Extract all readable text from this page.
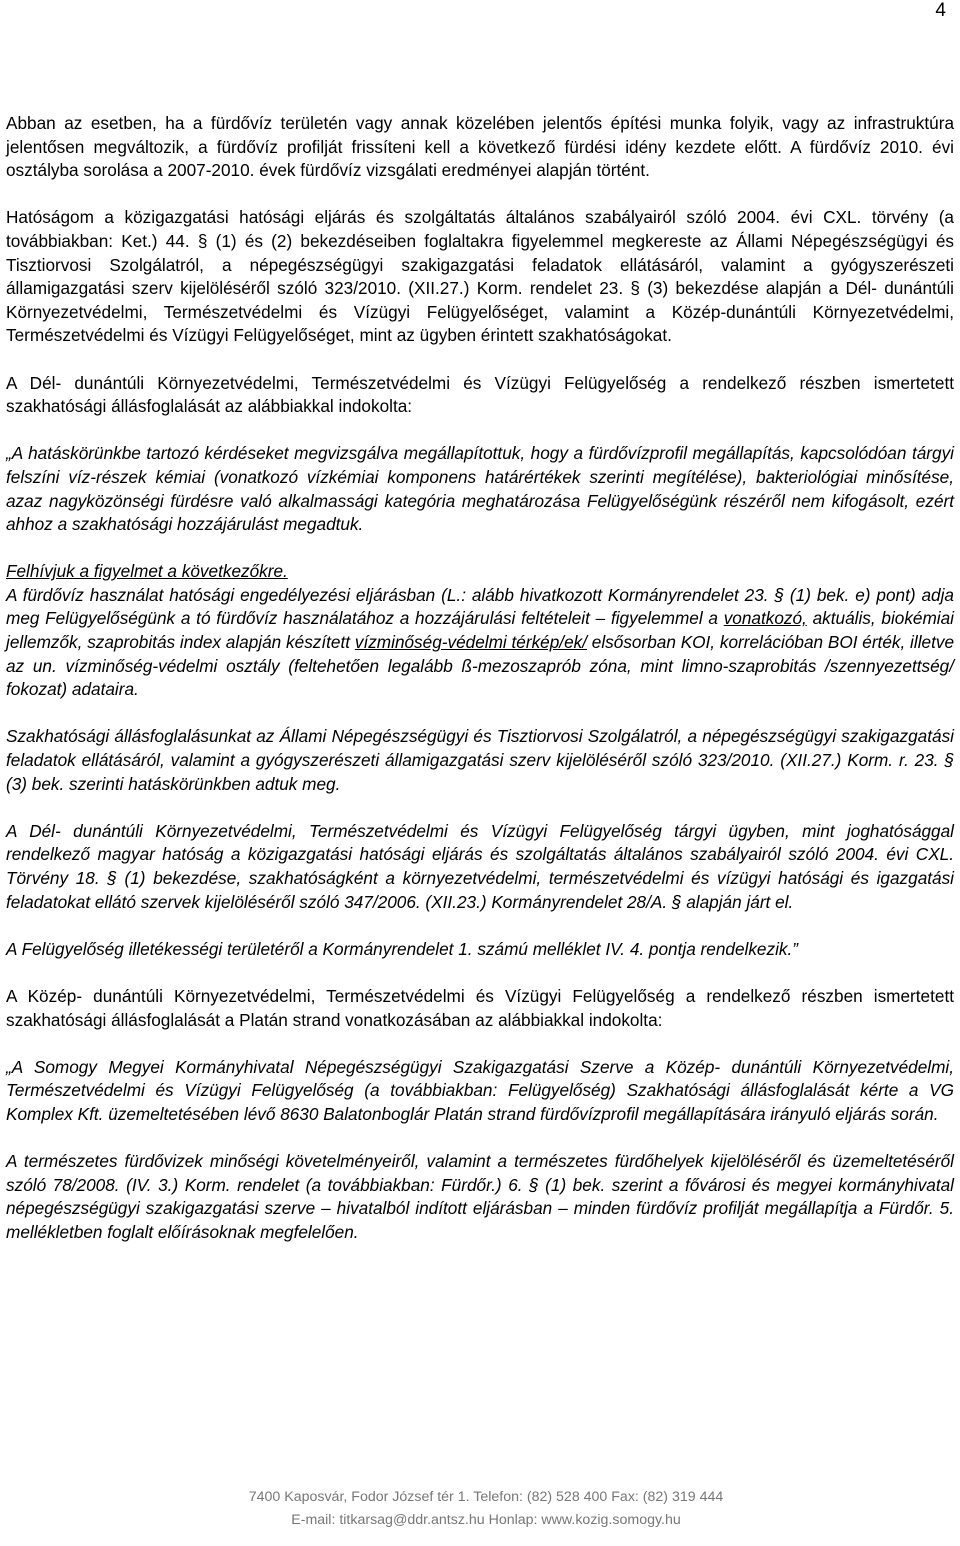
4

Abban az esetben, ha a fürdővíz területén vagy annak közelében jelentős építési munka folyik, vagy az infrastruktúra jelentősen megváltozik, a fürdővíz profilját frissíteni kell a következő fürdési idény kezdete előtt. A fürdővíz 2010. évi osztályba sorolása a 2007-2010. évek fürdővíz vizsgálati eredményei alapján történt.

Hatóságom a közigazgatási hatósági eljárás és szolgáltatás általános szabályairól szóló 2004. évi CXL. törvény (a továbbiakban: Ket.) 44. § (1) és (2) bekezdéseiben foglaltakra figyelemmel megkereste az Állami Népegészségügyi és Tisztiorvosi Szolgálatról, a népegészségügyi szakigazgatási feladatok ellátásáról, valamint a gyógyszerészeti államigazgatási szerv kijelöléséről szóló 323/2010. (XII.27.) Korm. rendelet 23. § (3) bekezdése alapján a Dél- dunántúli Környezetvédelmi, Természetvédelmi és Vízügyi Felügyelőséget, valamint a Közép-dunántúli Környezetvédelmi, Természetvédelmi és Vízügyi Felügyelőséget, mint az ügyben érintett szakhatóságokat.

A Dél- dunántúli Környezetvédelmi, Természetvédelmi és Vízügyi Felügyelőség a rendelkező részben ismertetett szakhatósági állásfoglalását az alábbiakkal indokolta:

„A hatáskörünkbe tartozó kérdéseket megvizsgálva megállapítottuk, hogy a fürdővízprofil megállapítás, kapcsolódóan tárgyi felszíni víz-részek kémiai (vonatkozó vízkémiai komponens határértékek szerinti megítélése), bakteriológiai minősítése, azaz nagyközönségi fürdésre való alkalmassági kategória meghatározása Felügyelőségünk részéről nem kifogásolt, ezért ahhoz a szakhatósági hozzájárulást megadtuk.

Felhívjuk a figyelmet a következőkre.

A fürdővíz használat hatósági engedélyezési eljárásban (L.: alább hivatkozott Kormányrendelet 23. § (1) bek. e) pont) adja meg Felügyelőségünk a tó fürdővíz használatához a hozzájárulási feltételeit – figyelemmel a vonatkozó, aktuális, biokémiai jellemzők, szaprobitás index alapján készített vízminőség-védelmi térkép/ek/ elsősorban KOI, korrelációban BOI érték, illetve az un. vízminőség-védelmi osztály (feltehetően legalább ß-mezoszaprób zóna, mint limno-szaprobitás /szennyezettség/ fokozat) adataira.

Szakhatósági állásfoglalásunkat az Állami Népegészségügyi és Tisztiorvosi Szolgálatról, a népegészségügyi szakigazgatási feladatok ellátásáról, valamint a gyógyszerészeti államigazgatási szerv kijelöléséről szóló 323/2010. (XII.27.) Korm. r. 23. § (3) bek. szerinti hatáskörünkben adtuk meg.

A Dél- dunántúli Környezetvédelmi, Természetvédelmi és Vízügyi Felügyelőség tárgyi ügyben, mint joghatósággal rendelkező magyar hatóság a közigazgatási hatósági eljárás és szolgáltatás általános szabályairól szóló 2004. évi CXL. Törvény 18. § (1) bekezdése, szakhatóságként a környezetvédelmi, természetvédelmi és vízügyi hatósági és igazgatási feladatokat ellátó szervek kijelöléséről szóló 347/2006. (XII.23.) Kormányrendelet 28/A. § alapján járt el.

A Felügyelőség illetékességi területéről a Kormányrendelet 1. számú melléklet IV. 4. pontja rendelkezik.”

A Közép- dunántúli Környezetvédelmi, Természetvédelmi és Vízügyi Felügyelőség a rendelkező részben ismertetett szakhatósági állásfoglalását a Platán strand vonatkozásában az alábbiakkal indokolta:

„A Somogy Megyei Kormányhivatal Népegészségügyi Szakigazgatási Szerve a Közép- dunántúli Környezetvédelmi, Természetvédelmi és Vízügyi Felügyelőség (a továbbiakban: Felügyelőség) Szakhatósági állásfoglalását kérte a VG Komplex Kft. üzemeltetésében lévő 8630 Balatonboglár Platán strand fürdővízprofil megállapítására irányuló eljárás során.

A természetes fürdővizek minőségi követelményeiről, valamint a természetes fürdőhelyek kijelöléséről és üzemeltetéséről szóló 78/2008. (IV. 3.) Korm. rendelet (a továbbiakban: Fürdőr.) 6. § (1) bek. szerint a fővárosi és megyei kormányhivatal népegészségügyi szakigazgatási szerve – hivatalból indított eljárásban – minden fürdővíz profilját megállapítja a Fürdőr. 5. mellékletben foglalt előírásoknak megfelelően.

7400 Kaposvár, Fodor József tér 1. Telefon: (82) 528 400 Fax: (82) 319 444
E-mail: titkarsag@ddr.antsz.hu Honlap: www.kozig.somogy.hu
